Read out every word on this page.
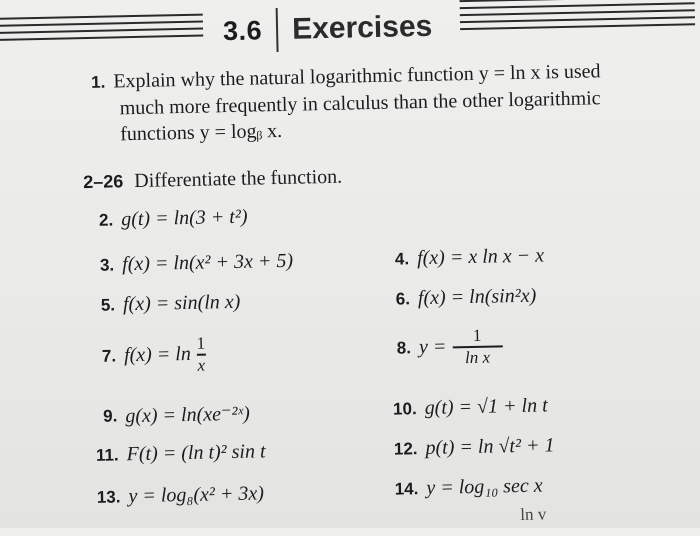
3.6 Exercises
1. Explain why the natural logarithmic function y = ln x is used
much more frequently in calculus than the other logarithmic
functions y = logᵦ x.
2–26 Differentiate the function.
2. g(t) = ln(3 + t²)
3. f(x) = ln(x² + 3x + 5)
5. f(x) = sin(ln x)
7. $f(x) = \ln \frac{1}{x}$
9. g(x) = ln(xe⁻²ˣ)
11. F(t) = (ln t)² sin t
13. y = log₈(x² + 3x)
4. f(x) = x ln x − x
6. f(x) = ln(sin²x)
8. $y = \frac{1}{\text{ln x}}$
10. g(t) = √1 + ln t
12. p(t) = ln √t² + 1
14. y = log₁₀ sec x
ln v
